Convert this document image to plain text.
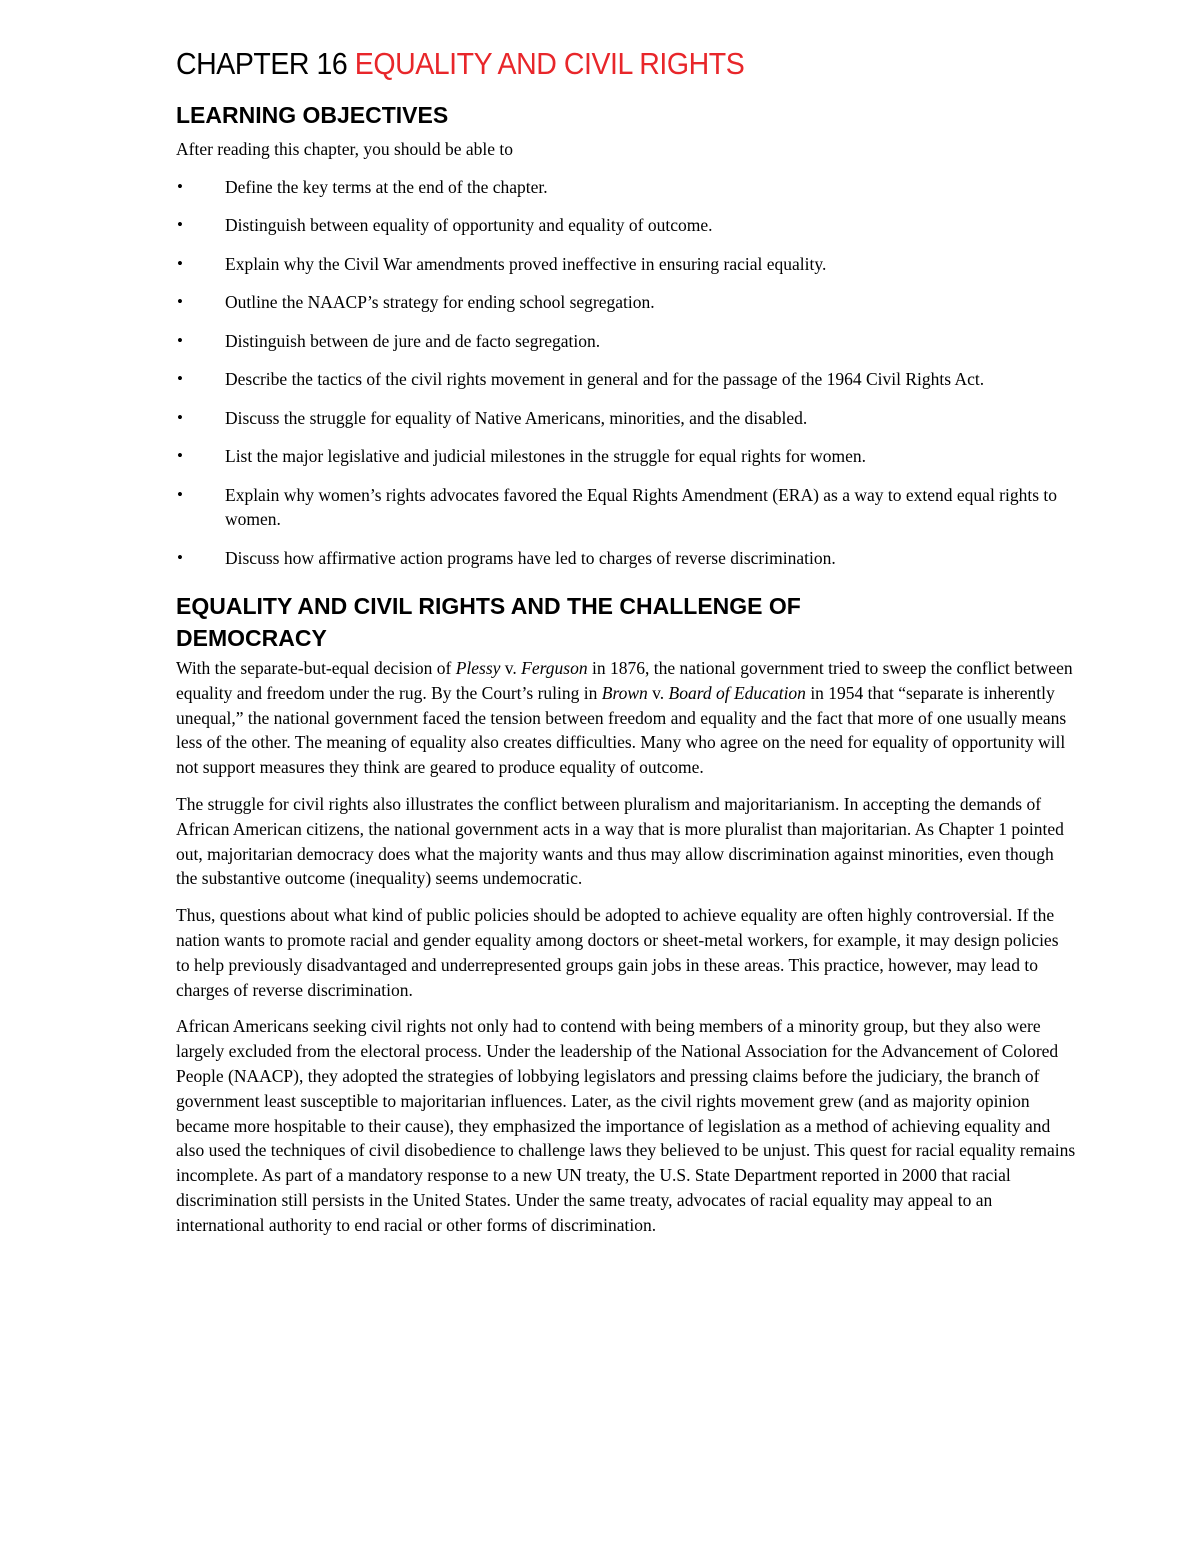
CHAPTER 16 EQUALITY AND CIVIL RIGHTS
LEARNING OBJECTIVES

After reading this chapter, you should be able to

• Define the key terms at the end of the chapter.
• Distinguish between equality of opportunity and equality of outcome.
• Explain why the Civil War amendments proved ineffective in ensuring racial equality.
• Outline the NAACP’s strategy for ending school segregation.
• Distinguish between de jure and de facto segregation.
• Describe the tactics of the civil rights movement in general and for the passage of the 1964 Civil Rights Act.
• Discuss the struggle for equality of Native Americans, minorities, and the disabled.
• List the major legislative and judicial milestones in the struggle for equal rights for women.
• Explain why women’s rights advocates favored the Equal Rights Amendment (ERA) as a way to extend equal rights to women.
• Discuss how affirmative action programs have led to charges of reverse discrimination.
EQUALITY AND CIVIL RIGHTS AND THE CHALLENGE OF DEMOCRACY

With the separate-but-equal decision of Plessy v. Ferguson in 1876, the national government tried to sweep the conflict between equality and freedom under the rug. By the Court’s ruling in Brown v. Board of Education in 1954 that “separate is inherently unequal,” the national government faced the tension between freedom and equality and the fact that more of one usually means less of the other. The meaning of equality also creates difficulties. Many who agree on the need for equality of opportunity will not support measures they think are geared to produce equality of outcome.

The struggle for civil rights also illustrates the conflict between pluralism and majoritarianism. In accepting the demands of African American citizens, the national government acts in a way that is more pluralist than majoritarian. As Chapter 1 pointed out, majoritarian democracy does what the majority wants and thus may allow discrimination against minorities, even though the substantive outcome (inequality) seems undemocratic.

Thus, questions about what kind of public policies should be adopted to achieve equality are often highly controversial. If the nation wants to promote racial and gender equality among doctors or sheet-metal workers, for example, it may design policies to help previously disadvantaged and underrepresented groups gain jobs in these areas. This practice, however, may lead to charges of reverse discrimination.

African Americans seeking civil rights not only had to contend with being members of a minority group, but they also were largely excluded from the electoral process. Under the leadership of the National Association for the Advancement of Colored People (NAACP), they adopted the strategies of lobbying legislators and pressing claims before the judiciary, the branch of government least susceptible to majoritarian influences. Later, as the civil rights movement grew (and as majority opinion became more hospitable to their cause), they emphasized the importance of legislation as a method of achieving equality and also used the techniques of civil disobedience to challenge laws they believed to be unjust. This quest for racial equality remains incomplete. As part of a mandatory response to a new UN treaty, the U.S. State Department reported in 2000 that racial discrimination still persists in the United States. Under the same treaty, advocates of racial equality may appeal to an international authority to end racial or other forms of discrimination.
